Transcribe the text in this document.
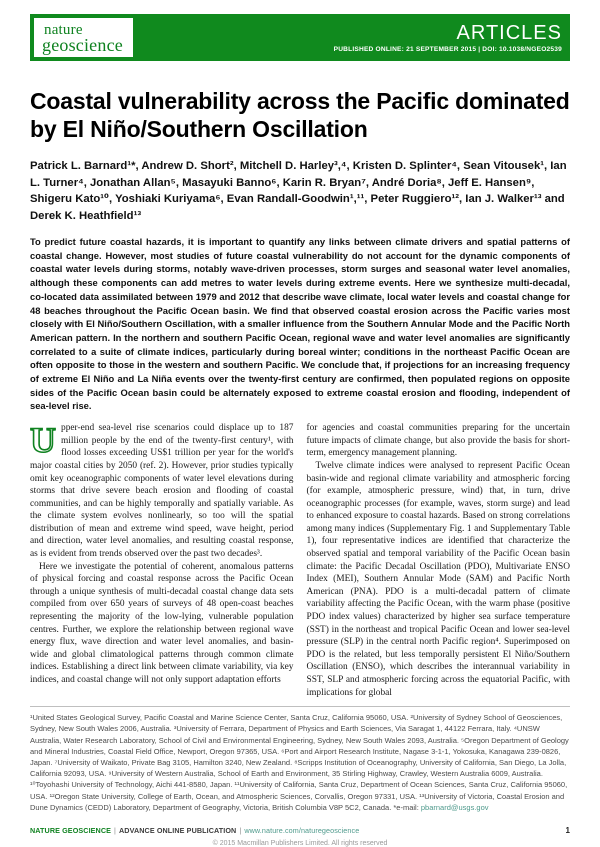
nature
geoscience
ARTICLES
PUBLISHED ONLINE: 21 SEPTEMBER 2015 | DOI: 10.1038/NGEO2539
Coastal vulnerability across the Pacific dominated
by El Niño/Southern Oscillation
Patrick L. Barnard¹*, Andrew D. Short², Mitchell D. Harley³,⁴, Kristen D. Splinter⁴, Sean Vitousek¹, Ian L. Turner⁴, Jonathan Allan⁵, Masayuki Banno⁶, Karin R. Bryan⁷, André Doria⁸, Jeff E. Hansen⁹, Shigeru Kato¹⁰, Yoshiaki Kuriyama⁶, Evan Randall-Goodwin¹,¹¹, Peter Ruggiero¹², Ian J. Walker¹³ and Derek K. Heathfield¹³
To predict future coastal hazards, it is important to quantify any links between climate drivers and spatial patterns of coastal change. However, most studies of future coastal vulnerability do not account for the dynamic components of coastal water levels during storms, notably wave-driven processes, storm surges and seasonal water level anomalies, although these components can add metres to water levels during extreme events. Here we synthesize multi-decadal, co-located data assimilated between 1979 and 2012 that describe wave climate, local water levels and coastal change for 48 beaches throughout the Pacific Ocean basin. We find that observed coastal erosion across the Pacific varies most closely with El Niño/Southern Oscillation, with a smaller influence from the Southern Annular Mode and the Pacific North American pattern. In the northern and southern Pacific Ocean, regional wave and water level anomalies are significantly correlated to a suite of climate indices, particularly during boreal winter; conditions in the northeast Pacific Ocean are often opposite to those in the western and southern Pacific. We conclude that, if projections for an increasing frequency of extreme El Niño and La Niña events over the twenty-first century are confirmed, then populated regions on opposite sides of the Pacific Ocean basin could be alternately exposed to extreme coastal erosion and flooding, independent of sea-level rise.

Upper-end sea-level rise scenarios could displace up to 187 million people by the end of the twenty-first century¹, with flood losses exceeding US$1 trillion per year for the world's major coastal cities by 2050 (ref. 2). However, prior studies typically omit key oceanographic components of water level elevations during storms that drive severe beach erosion and flooding of coastal communities, and can be highly temporally and spatially variable. As the climate system evolves nonlinearly, so too will the spatial distribution of mean and extreme wind speed, wave height, period and direction, water level anomalies, and resulting coastal response, as is evident from trends observed over the past two decades³.

Here we investigate the potential of coherent, anomalous patterns of physical forcing and coastal response across the Pacific Ocean through a unique synthesis of multi-decadal coastal change data sets compiled from over 650 years of surveys of 48 open-coast beaches representing the majority of the low-lying, vulnerable population centres. Further, we explore the relationship between regional wave energy flux, wave direction and water level anomalies, and basin-wide and global climatological patterns through common climate indices. Establishing a direct link between climate variability, via key indices, and coastal change will not only support adaptation efforts

for agencies and coastal communities preparing for the uncertain future impacts of climate change, but also provide the basis for short-term, emergency management planning.

Twelve climate indices were analysed to represent Pacific Ocean basin-wide and regional climate variability and atmospheric forcing (for example, atmospheric pressure, wind) that, in turn, drive oceanographic processes (for example, waves, storm surge) and lead to enhanced exposure to coastal hazards. Based on strong correlations among many indices (Supplementary Fig. 1 and Supplementary Table 1), four representative indices are identified that characterize the observed spatial and temporal variability of the Pacific Ocean basin climate: the Pacific Decadal Oscillation (PDO), Multivariate ENSO Index (MEI), Southern Annular Mode (SAM) and Pacific North American (PNA). PDO is a multi-decadal pattern of climate variability affecting the Pacific Ocean, with the warm phase (positive PDO index values) characterized by higher sea surface temperature (SST) in the northeast and tropical Pacific Ocean and lower sea-level pressure (SLP) in the central north Pacific region⁴. Superimposed on PDO is the related, but less temporally persistent El Niño/Southern Oscillation (ENSO), which describes the interannual variability in SST, SLP and atmospheric forcing across the equatorial Pacific, with implications for global

¹United States Geological Survey, Pacific Coastal and Marine Science Center, Santa Cruz, California 95060, USA. ²University of Sydney School of Geosciences, Sydney, New South Wales 2006, Australia. ³University of Ferrara, Department of Physics and Earth Sciences, Via Saragat 1, 44122 Ferrara, Italy. ⁴UNSW Australia, Water Research Laboratory, School of Civil and Environmental Engineering, Sydney, New South Wales 2093, Australia. ⁵Oregon Department of Geology and Mineral Industries, Coastal Field Office, Newport, Oregon 97365, USA. ⁶Port and Airport Research Institute, Nagase 3-1-1, Yokosuka, Kanagawa 239-0826, Japan. ⁷University of Waikato, Private Bag 3105, Hamilton 3240, New Zealand. ⁸Scripps Institution of Oceanography, University of California, San Diego, La Jolla, California 92093, USA. ⁹University of Western Australia, School of Earth and Environment, 35 Stirling Highway, Crawley, Western Australia 6009, Australia. ¹⁰Toyohashi University of Technology, Aichi 441-8580, Japan. ¹¹University of California, Santa Cruz, Department of Ocean Sciences, Santa Cruz, California 95060, USA. ¹²Oregon State University, College of Earth, Ocean, and Atmospheric Sciences, Corvallis, Oregon 97331, USA. ¹³University of Victoria, Coastal Erosion and Dune Dynamics (CEDD) Laboratory, Department of Geography, Victoria, British Columbia V8P 5C2, Canada. *e-mail: pbarnard@usgs.gov
NATURE GEOSCIENCE | ADVANCE ONLINE PUBLICATION | www.nature.com/naturegeoscience	1
© 2015 Macmillan Publishers Limited. All rights reserved
